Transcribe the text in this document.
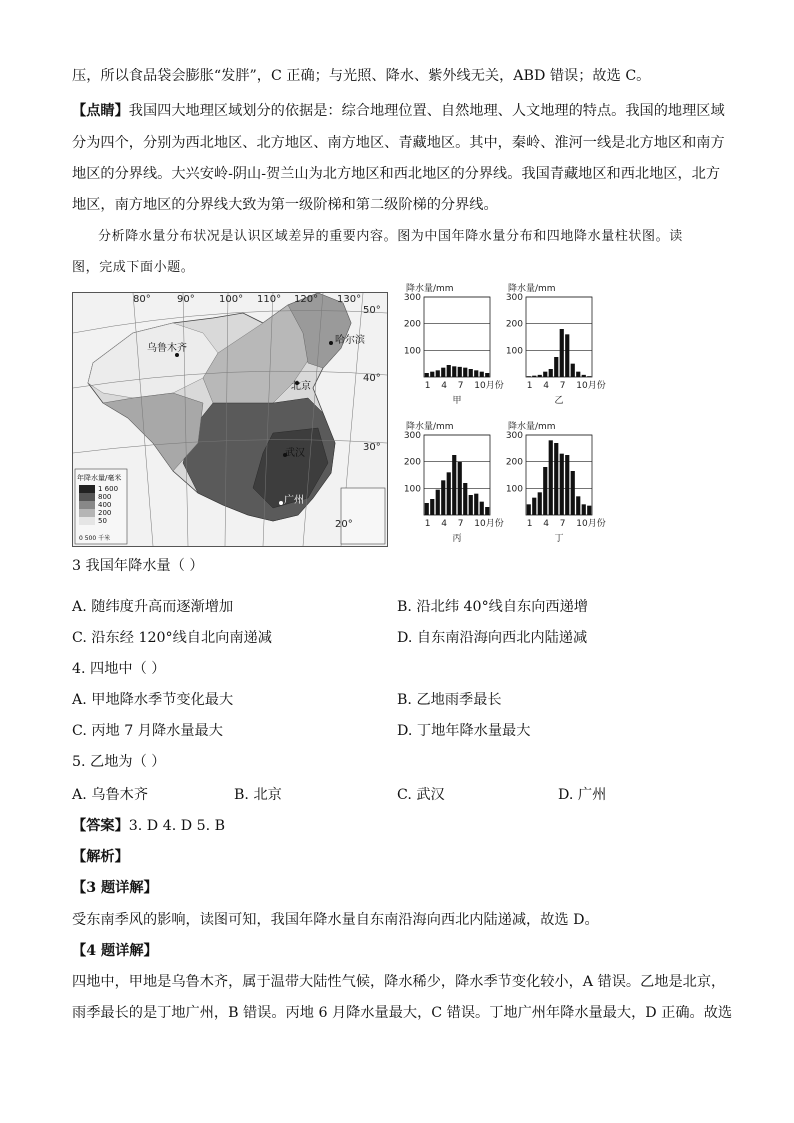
压，所以食品袋会膨胀“发胖”，C 正确；与光照、降水、紫外线无关，ABD 错误；故选 C。
【点睛】我国四大地理区域划分的依据是：综合地理位置、自然地理、人文地理的特点。我国的地理区域
分为四个，分别为西北地区、北方地区、南方地区、青藏地区。其中，秦岭、淮河一线是北方地区和南方
地区的分界线。大兴安岭-阴山-贺兰山为北方地区和西北地区的分界线。我国青藏地区和西北地区，北方
地区，南方地区的分界线大致为第一级阶梯和第二级阶梯的分界线。
分析降水量分布状况是认识区域差异的重要内容。图为中国年降水量分布和四地降水量柱状图。读
图，完成下面小题。
年降水量/毫米
1 600
800
400
200
50
0 500 千米
80°	90° 100° 110° 120° 130°
50°
40°
30°
20°
乌鲁木齐
哈尔滨
北京
武汉
广州
降水量/mm
300
200
100
1 4 7 10月份
甲
降水量/mm
300
200
100
1 4 7 10月份
乙
降水量/mm
300
200
100
1 4 7 10月份
丙
降水量/mm
300
200
100
1 4 7 10月份
丁
3 我国年降水量（ ）
A. 随纬度升高而逐渐增加	B. 沿北纬 40°线自东向西递增
C. 沿东经 120°线自北向南递减	D. 自东南沿海向西北内陆递减
4. 四地中（ ）
A. 甲地降水季节变化最大	B. 乙地雨季最长
C. 丙地 7 月降水量最大	D. 丁地年降水量最大
5. 乙地为（ ）
A. 乌鲁木齐	B. 北京	C. 武汉	D. 广州
【答案】3. D 4. D 5. B
【解析】
【3 题详解】
受东南季风的影响，读图可知，我国年降水量自东南沿海向西北内陆递减，故选 D。
【4 题详解】
四地中，甲地是乌鲁木齐，属于温带大陆性气候，降水稀少，降水季节变化较小，A 错误。乙地是北京，
雨季最长的是丁地广州，B 错误。丙地 6 月降水量最大，C 错误。丁地广州年降水量最大，D 正确。故选
